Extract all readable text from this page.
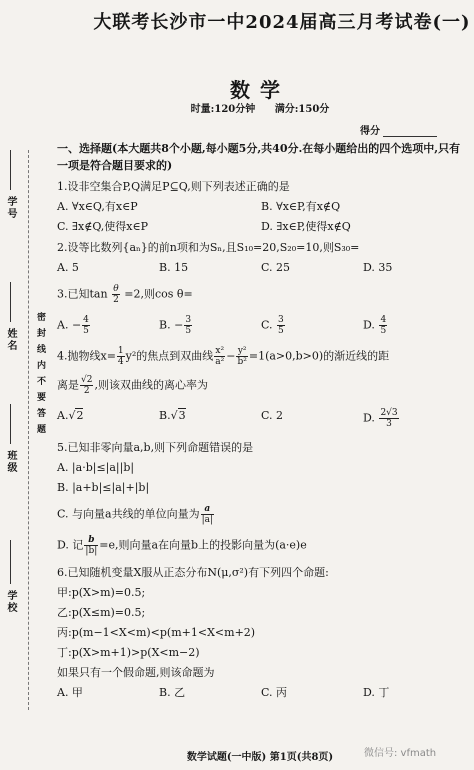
学号
姓名
班级
学校
密封线内不要答题
大联考长沙市一中2024届高三月考试卷(一)
数学
时量:120分钟 满分:150分
得分
一、选择题(本大题共8个小题,每小题5分,共40分.在每小题给出的四个选项中,只有一项是符合题目要求的)
1.设非空集合P,Q满足P⊆Q,则下列表述正确的是
A. ∀x∈Q,有x∈P	B. ∀x∈P,有x∉Q
C. ∃x∉Q,使得x∈P	D. ∃x∈P,使得x∉Q
2.设等比数列{aₙ}的前n项和为Sₙ,且S₁₀=20,S₂₀=10,则S₃₀=
A. 5	B. 15	C. 25	D. 35
3.已知$\tan \frac{\theta}{2} =2$,则cos θ=
A. − $\frac{4}{5}$	B. − $\frac{3}{5}$	C. $\frac{3}{5}$	D. $\frac{4}{5}$
4.抛物线$x= \frac{1}{4} y^2$的焦点到双曲线 $\frac{\text{x²}}{\text{a²}} - \frac{\text{y²}}{\text{b²}} =1(a>0,b>0)$的渐近线的距
离是 $\frac{√2}{2}$ ,则该双曲线的离心率为
A.√2	B.√3	C. 2	D. $\frac{2√3}{3}$
5.已知非零向量a,b,则下列命题错误的是
A. |a·b|≤|a||b|
B. |a+b|≤|a|+|b|
C. 与向量a共线的单位向量为 $\frac{a}{|a|}$
D. 记 $\frac{b}{|b|} =e$,则向量a在向量b上的投影向量为(a·e)e
6.已知随机变量X服从正态分布N(μ,σ²)有下列四个命题:
甲:p(X>m)=0.5;
乙:p(X≤m)=0.5;
丙:p(m−1<X<m)<p(m+1<X<m+2)
丁:p(X>m+1)>p(X<m−2)
如果只有一个假命题,则该命题为
A. 甲	B. 乙	C. 丙	D. 丁
数学试题(一中版) 第1页(共8页)	微信号: vfmath
